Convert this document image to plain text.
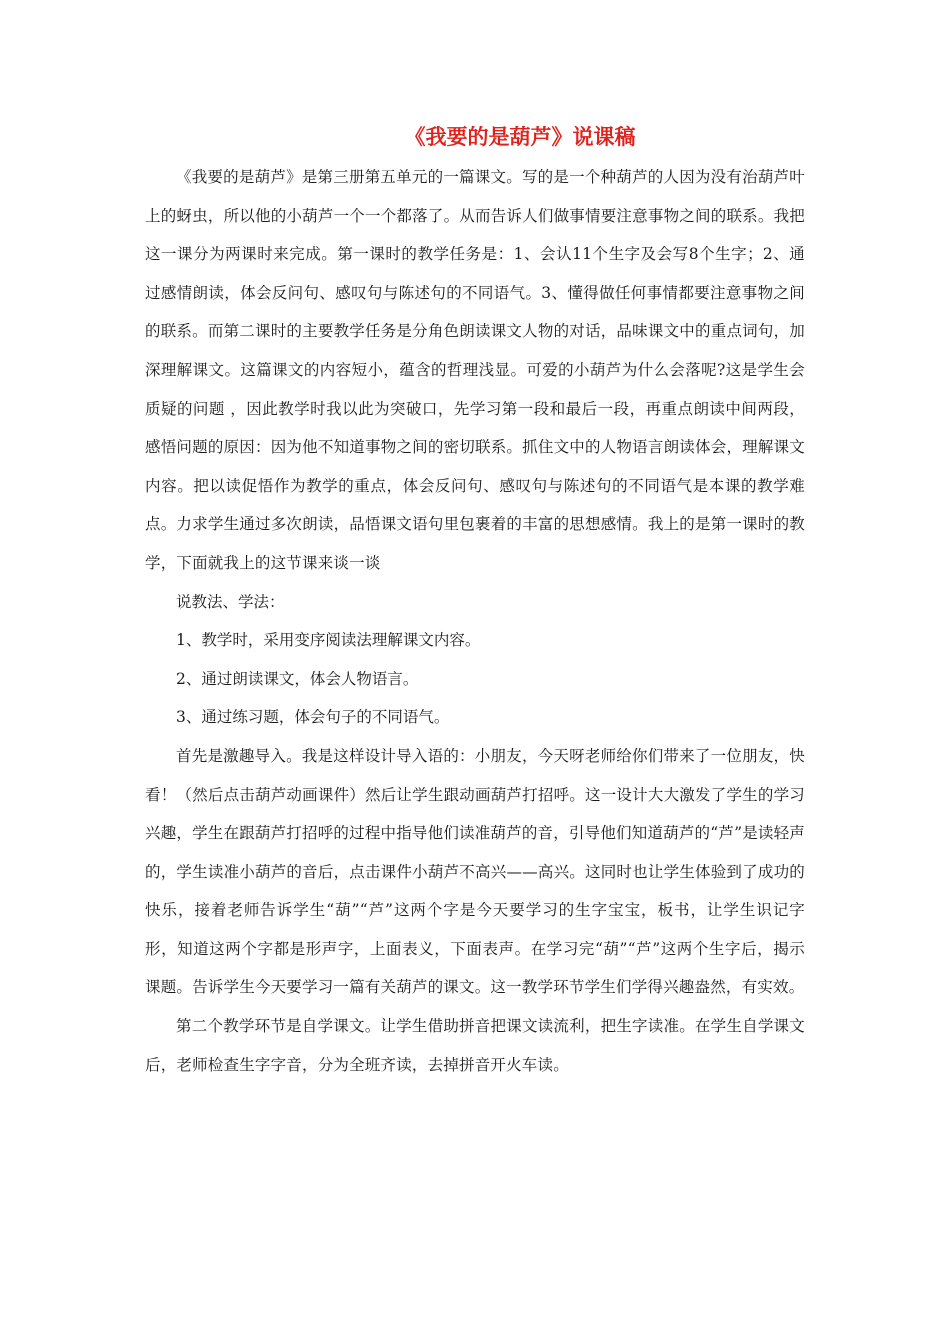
《我要的是葫芦》说课稿

《我要的是葫芦》是第三册第五单元的一篇课文。写的是一个种葫芦的人因为没有治葫芦叶上的蚜虫，所以他的小葫芦一个一个都落了。从而告诉人们做事情要注意事物之间的联系。我把这一课分为两课时来完成。第一课时的教学任务是：1、会认11个生字及会写8个生字；2、通过感情朗读，体会反问句、感叹句与陈述句的不同语气。3、懂得做任何事情都要注意事物之间的联系。而第二课时的主要教学任务是分角色朗读课文人物的对话，品味课文中的重点词句，加深理解课文。这篇课文的内容短小，蕴含的哲理浅显。可爱的小葫芦为什么会落呢?这是学生会质疑的问题 ，因此教学时我以此为突破口，先学习第一段和最后一段，再重点朗读中间两段，感悟问题的原因：因为他不知道事物之间的密切联系。抓住文中的人物语言朗读体会，理解课文内容。把以读促悟作为教学的重点，体会反问句、感叹句与陈述句的不同语气是本课的教学难点。力求学生通过多次朗读，品悟课文语句里包裹着的丰富的思想感情。我上的是第一课时的教学，下面就我上的这节课来谈一谈

说教法、学法：

1、教学时，采用变序阅读法理解课文内容。

2、通过朗读课文，体会人物语言。

3、通过练习题，体会句子的不同语气。

首先是激趣导入。我是这样设计导入语的：小朋友，今天呀老师给你们带来了一位朋友，快看！（然后点击葫芦动画课件）然后让学生跟动画葫芦打招呼。这一设计大大激发了学生的学习兴趣，学生在跟葫芦打招呼的过程中指导他们读准葫芦的音，引导他们知道葫芦的“芦”是读轻声的，学生读准小葫芦的音后，点击课件小葫芦不高兴——高兴。这同时也让学生体验到了成功的快乐，接着老师告诉学生“葫”“芦”这两个字是今天要学习的生字宝宝，板书，让学生识记字形，知道这两个字都是形声字，上面表义，下面表声。在学习完“葫”“芦”这两个生字后，揭示课题。告诉学生今天要学习一篇有关葫芦的课文。这一教学环节学生们学得兴趣盎然，有实效。

第二个教学环节是自学课文。让学生借助拼音把课文读流利，把生字读准。在学生自学课文后，老师检查生字字音，分为全班齐读，去掉拼音开火车读。
